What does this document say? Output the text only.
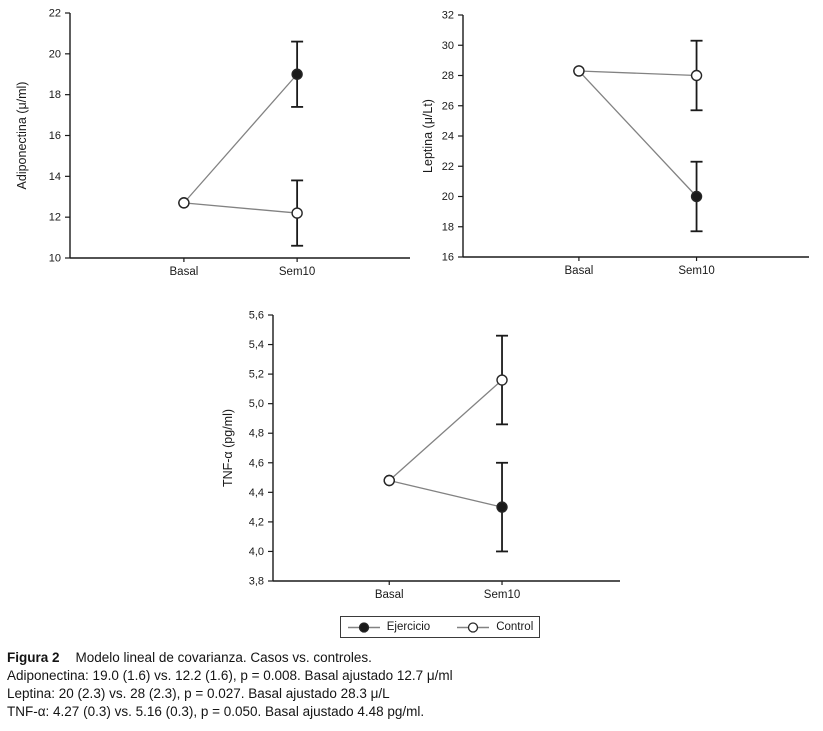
10
12
14
16
18
20
22
Basal	Sem10
Adiponectina (μ/ml)
16
18
20
22
24
26
28
30
32
Basal	Sem10
Leptina (μ/Lt)
3,8
4,0
4,2
4,4
4,6
4,8
5,0
5,2
5,4
5,6
Basal	Sem10
TNF-α (pg/ml)
Ejercicio	Control
Figura 2 Modelo lineal de covarianza. Casos vs. controles.
Adiponectina: 19.0 (1.6) vs. 12.2 (1.6), p = 0.008. Basal ajustado 12.7 μ/ml
Leptina: 20 (2.3) vs. 28 (2.3), p = 0.027. Basal ajustado 28.3 μ/L
TNF-α: 4.27 (0.3) vs. 5.16 (0.3), p = 0.050. Basal ajustado 4.48 pg/ml.
